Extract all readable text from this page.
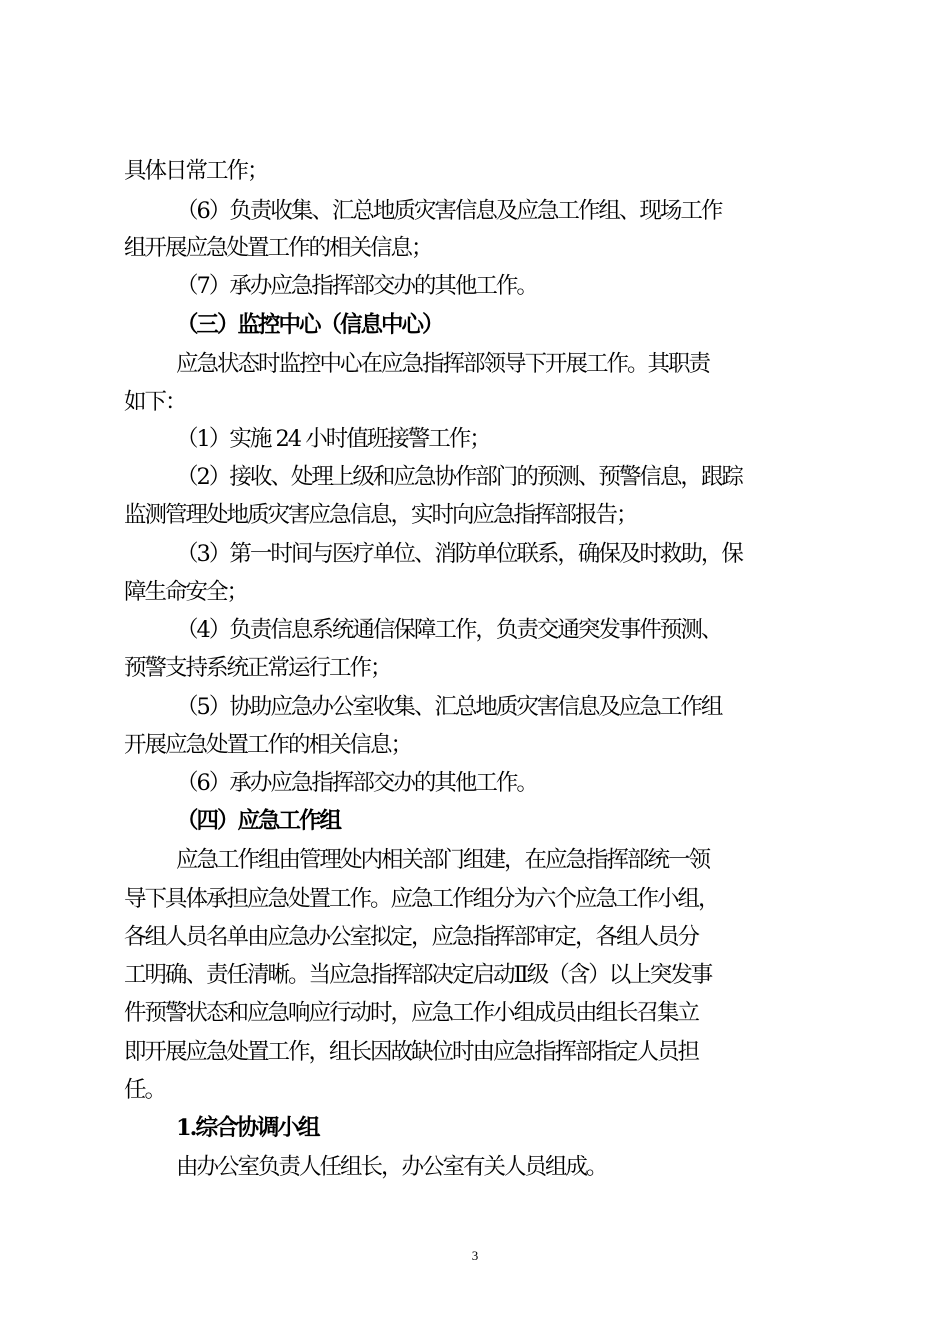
具体日常工作；
（6）负责收集、汇总地质灾害信息及应急工作组、现场工作
组开展应急处置工作的相关信息；
（7）承办应急指挥部交办的其他工作。
（三）监控中心（信息中心）
应急状态时监控中心在应急指挥部领导下开展工作。其职责
如下：
（1）实施 24 小时值班接警工作；
（2）接收、处理上级和应急协作部门的预测、预警信息，跟踪
监测管理处地质灾害应急信息，实时向应急指挥部报告；
（3）第一时间与医疗单位、消防单位联系，确保及时救助，保
障生命安全；
（4）负责信息系统通信保障工作，负责交通突发事件预测、
预警支持系统正常运行工作；
（5）协助应急办公室收集、汇总地质灾害信息及应急工作组
开展应急处置工作的相关信息；
（6）承办应急指挥部交办的其他工作。
（四）应急工作组
应急工作组由管理处内相关部门组建，在应急指挥部统一领
导下具体承担应急处置工作。应急工作组分为六个应急工作小组，
各组人员名单由应急办公室拟定，应急指挥部审定，各组人员分
工明确、责任清晰。当应急指挥部决定启动Ⅱ级（含）以上突发事
件预警状态和应急响应行动时，应急工作小组成员由组长召集立
即开展应急处置工作，组长因故缺位时由应急指挥部指定人员担
任。
1.综合协调小组
由办公室负责人任组长，办公室有关人员组成。
3
